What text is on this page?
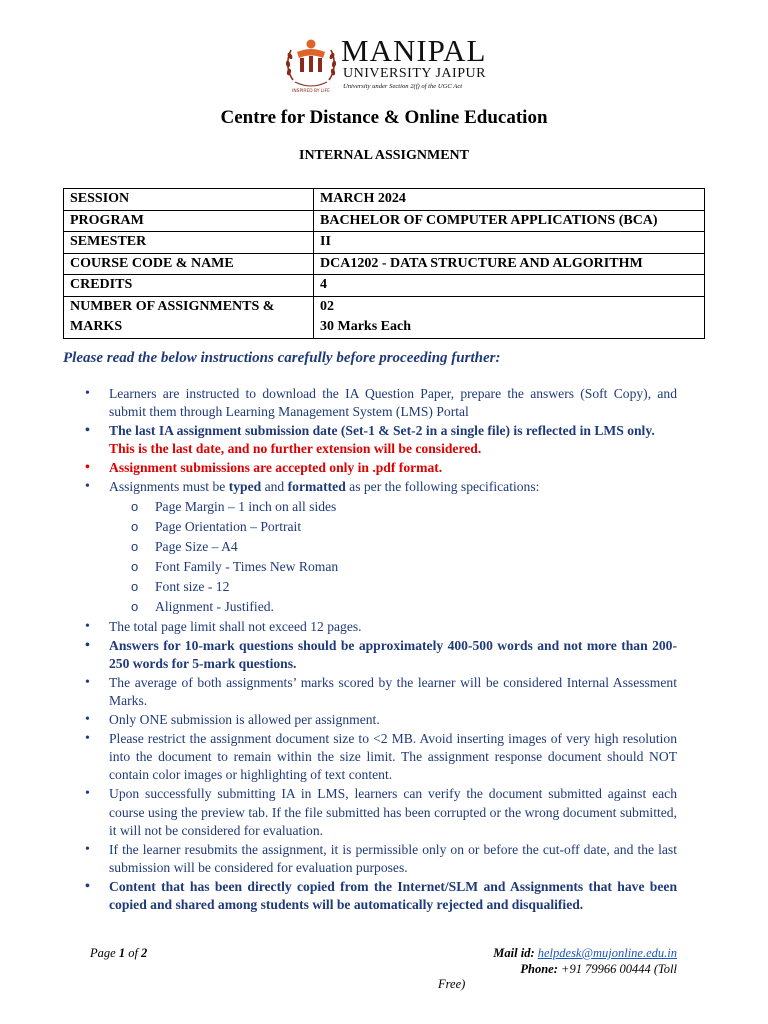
INSPIRED BY LIFE
MANIPAL
UNIVERSITY JAIPUR
University under Section 2(f) of the UGC Act
Centre for Distance & Online Education
INTERNAL ASSIGNMENT
SESSION	MARCH 2024
PROGRAM	BACHELOR OF COMPUTER APPLICATIONS (BCA)
SEMESTER	II
COURSE CODE & NAME	DCA1202 - DATA STRUCTURE AND ALGORITHM
CREDITS	4
NUMBER OF ASSIGNMENTS & MARKS	02
30 Marks Each
Please read the below instructions carefully before proceeding further:
• Learners are instructed to download the IA Question Paper, prepare the answers (Soft Copy), and submit them through Learning Management System (LMS) Portal
• The last IA assignment submission date (Set-1 & Set-2 in a single file) is reflected in LMS only.
This is the last date, and no further extension will be considered.
• Assignment submissions are accepted only in .pdf format.
• Assignments must be typed and formatted as per the following specifications:
o Page Margin – 1 inch on all sides
o Page Orientation – Portrait
o Page Size – A4
o Font Family - Times New Roman
o Font size - 12
o Alignment - Justified.
• The total page limit shall not exceed 12 pages.
• Answers for 10-mark questions should be approximately 400-500 words and not more than 200-250 words for 5-mark questions.
• The average of both assignments’ marks scored by the learner will be considered Internal Assessment Marks.
• Only ONE submission is allowed per assignment.
• Please restrict the assignment document size to <2 MB. Avoid inserting images of very high resolution into the document to remain within the size limit. The assignment response document should NOT contain color images or highlighting of text content.
• Upon successfully submitting IA in LMS, learners can verify the document submitted against each course using the preview tab. If the file submitted has been corrupted or the wrong document submitted, it will not be considered for evaluation.
• If the learner resubmits the assignment, it is permissible only on or before the cut-off date, and the last submission will be considered for evaluation purposes.
• Content that has been directly copied from the Internet/SLM and Assignments that have been copied and shared among students will be automatically rejected and disqualified.
Page 1 of 2	Mail id: helpdesk@mujonline.edu.in
Phone: +91 79966 00444 (Toll
Free)
